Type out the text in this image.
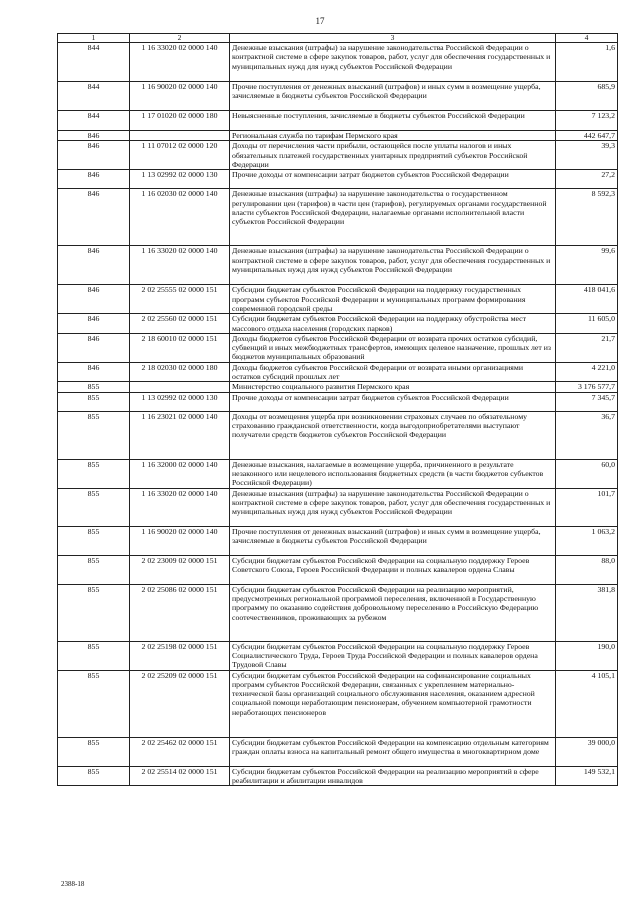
17
1	2	3	4
844	1 16 33020 02 0000 140	Денежные взыскания (штрафы) за нарушение законодательства Российской Федерации о контрактной системе в сфере закупок товаров, работ, услуг для обеспечения государственных и муниципальных нужд для нужд субъектов Российской Федерации	1,6
844	1 16 90020 02 0000 140	Прочие поступления от денежных взысканий (штрафов) и иных сумм в возмещение ущерба, зачисляемые в бюджеты субъектов Российской Федерации	685,9
844	1 17 01020 02 0000 180	Невыясненные поступления, зачисляемые в бюджеты субъектов Российской Федерации	7 123,2
846		Региональная служба по тарифам Пермского края	442 647,7
846	1 11 07012 02 0000 120	Доходы от перечисления части прибыли, остающейся после уплаты налогов и иных обязательных платежей государственных унитарных предприятий субъектов Российской Федерации	39,3
846	1 13 02992 02 0000 130	Прочие доходы от компенсации затрат бюджетов субъектов Российской Федерации	27,2
846	1 16 02030 02 0000 140	Денежные взыскания (штрафы) за нарушение законодательства о государственном регулировании цен (тарифов) в части цен (тарифов), регулируемых органами государственной власти субъектов Российской Федерации, налагаемые органами исполнительной власти субъектов Российской Федерации	8 592,3
846	1 16 33020 02 0000 140	Денежные взыскания (штрафы) за нарушение законодательства Российской Федерации о контрактной системе в сфере закупок товаров, работ, услуг для обеспечения государственных и муниципальных нужд для нужд субъектов Российской Федерации	99,6
846	2 02 25555 02 0000 151	Субсидии бюджетам субъектов Российской Федерации на поддержку государственных программ субъектов Российской Федерации и муниципальных программ формирования современной городской среды	418 041,6
846	2 02 25560 02 0000 151	Субсидии бюджетам субъектов Российской Федерации на поддержку обустройства мест массового отдыха населения (городских парков)	11 605,0
846	2 18 60010 02 0000 151	Доходы бюджетов субъектов Российской Федерации от возврата прочих остатков субсидий, субвенций и иных межбюджетных трансфертов, имеющих целевое назначение, прошлых лет из бюджетов муниципальных образований	21,7
846	2 18 02030 02 0000 180	Доходы бюджетов субъектов Российской Федерации от возврата иными организациями остатков субсидий прошлых лет	4 221,0
855		Министерство социального развития Пермского края	3 176 577,7
855	1 13 02992 02 0000 130	Прочие доходы от компенсации затрат бюджетов субъектов Российской Федерации	7 345,7
855	1 16 23021 02 0000 140	Доходы от возмещения ущерба при возникновении страховых случаев по обязательному страхованию гражданской ответственности, когда выгодоприобретателями выступают получатели средств бюджетов субъектов Российской Федерации	36,7
855	1 16 32000 02 0000 140	Денежные взыскания, налагаемые в возмещение ущерба, причиненного в результате незаконного или нецелевого использования бюджетных средств (в части бюджетов субъектов Российской Федерации)	60,0
855	1 16 33020 02 0000 140	Денежные взыскания (штрафы) за нарушение законодательства Российской Федерации о контрактной системе в сфере закупок товаров, работ, услуг для обеспечения государственных и муниципальных нужд для нужд субъектов Российской Федерации	101,7
855	1 16 90020 02 0000 140	Прочие поступления от денежных взысканий (штрафов) и иных сумм в возмещение ущерба, зачисляемые в бюджеты субъектов Российской Федерации	1 063,2
855	2 02 23009 02 0000 151	Субсидии бюджетам субъектов Российской Федерации на социальную поддержку Героев Советского Союза, Героев Российской Федерации и полных кавалеров ордена Славы	88,0
855	2 02 25086 02 0000 151	Субсидии бюджетам субъектов Российской Федерации на реализацию мероприятий, предусмотренных региональной программой переселения, включенной в Государственную программу по оказанию содействия добровольному переселению в Российскую Федерацию соотечественников, проживающих за рубежом	381,8
855	2 02 25198 02 0000 151	Субсидии бюджетам субъектов Российской Федерации на социальную поддержку Героев Социалистического Труда, Героев Труда Российской Федерации и полных кавалеров ордена Трудовой Славы	190,0
855	2 02 25209 02 0000 151	Субсидии бюджетам субъектов Российской Федерации на софинансирование социальных программ субъектов Российской Федерации, связанных с укреплением материально-технической базы организаций социального обслуживания населения, оказанием адресной социальной помощи неработающим пенсионерам, обучением компьютерной грамотности неработающих пенсионеров	4 105,1
855	2 02 25462 02 0000 151	Субсидии бюджетам субъектов Российской Федерации на компенсацию отдельным категориям граждан оплаты взноса на капитальный ремонт общего имущества в многоквартирном доме	39 000,0
855	2 02 25514 02 0000 151	Субсидии бюджетам субъектов Российской Федерации на реализацию мероприятий в сфере реабилитации и абилитации инвалидов	149 532,1
2388-18
